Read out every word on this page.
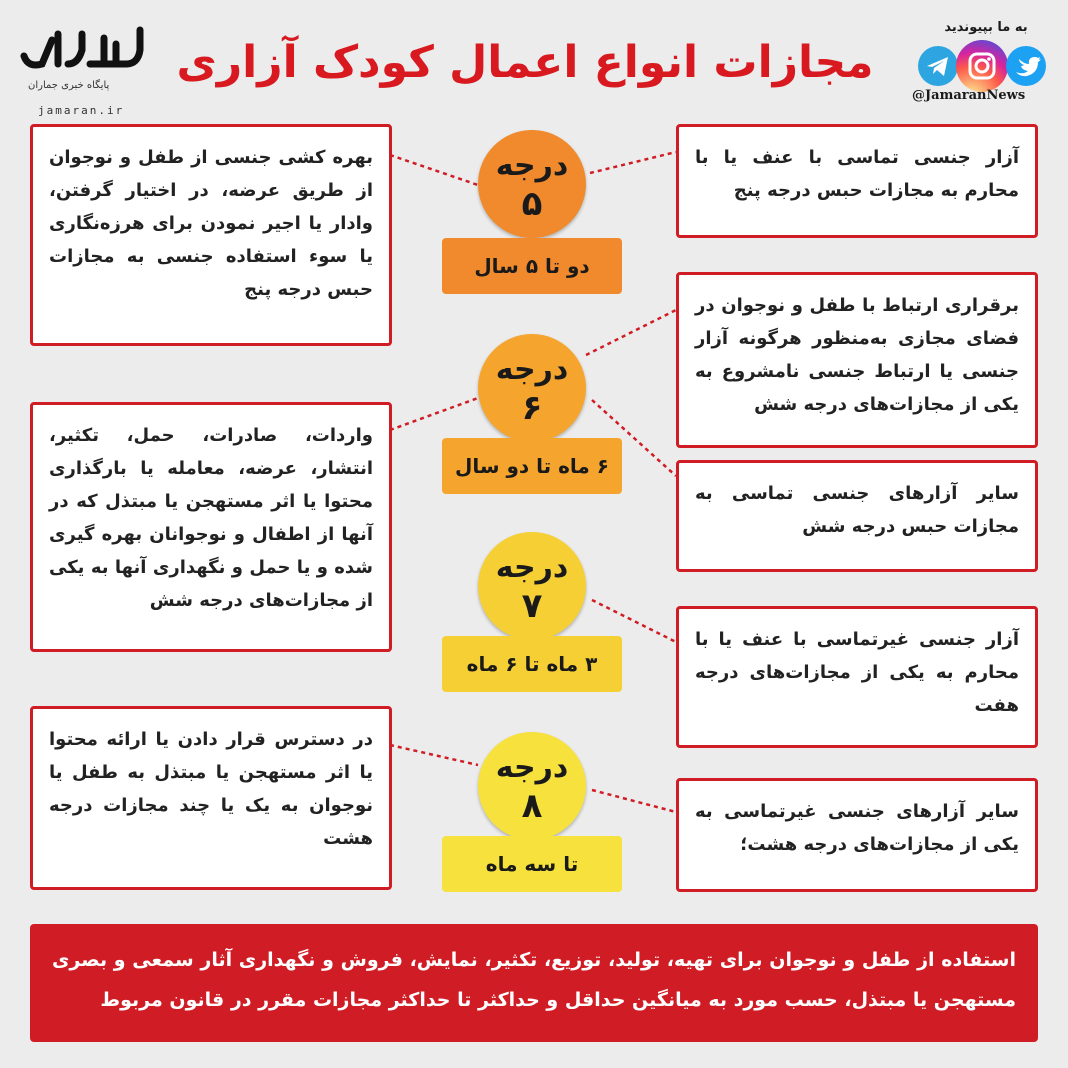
مجازات انواع اعمال کودک آزاری
پایگاه خبری جماران
jamaran.ir
به ما بپیوندید
@JamaranNews
درجه
۵
دو تا ۵ سال
آزار جنسی تماسی با عنف یا با محارم به مجازات حبس درجه پنج
بهره کشی جنسی از طفل و نوجوان از طریق عرضه، در اختیار گرفتن، وادار یا اجیر نمودن برای هرزه‌نگاری یا سوء استفاده جنسی به مجازات حبس درجه پنج
درجه
۶
۶ ماه تا دو سال
برقراری ارتباط با طفل و نوجوان در فضای مجازی به‌منظور هرگونه آزار جنسی یا ارتباط جنسی نامشروع به یکی از مجازات‌های درجه شش
سایر آزارهای جنسی تماسی به مجازات حبس درجه شش
واردات، صادرات، حمل، تکثیر، انتشار، عرضه، معامله یا بارگذاری محتوا یا اثر مستهجن یا مبتذل که در آنها از اطفال و نوجوانان بهره گیری شده و یا حمل و نگهداری آنها به یکی از مجازات‌های درجه شش
درجه
۷
۳ ماه تا ۶ ماه
آزار جنسی غیرتماسی با عنف یا با محارم به یکی از مجازات‌های درجه هفت
درجه
۸
تا سه ماه
سایر آزارهای جنسی غیرتماسی به یکی از مجازات‌های درجه هشت؛
در دسترس قرار دادن یا ارائه محتوا یا اثر مستهجن یا مبتذل به طفل یا نوجوان به یک یا چند مجازات درجه هشت
استفاده از طفل و نوجوان برای تهیه، تولید، توزیع، تکثیر، نمایش، فروش و نگهداری آثار سمعی و بصری مستهجن یا مبتذل، حسب مورد به میانگین حداقل و حداکثر تا حداکثر مجازات مقرر در قانون مربوط
